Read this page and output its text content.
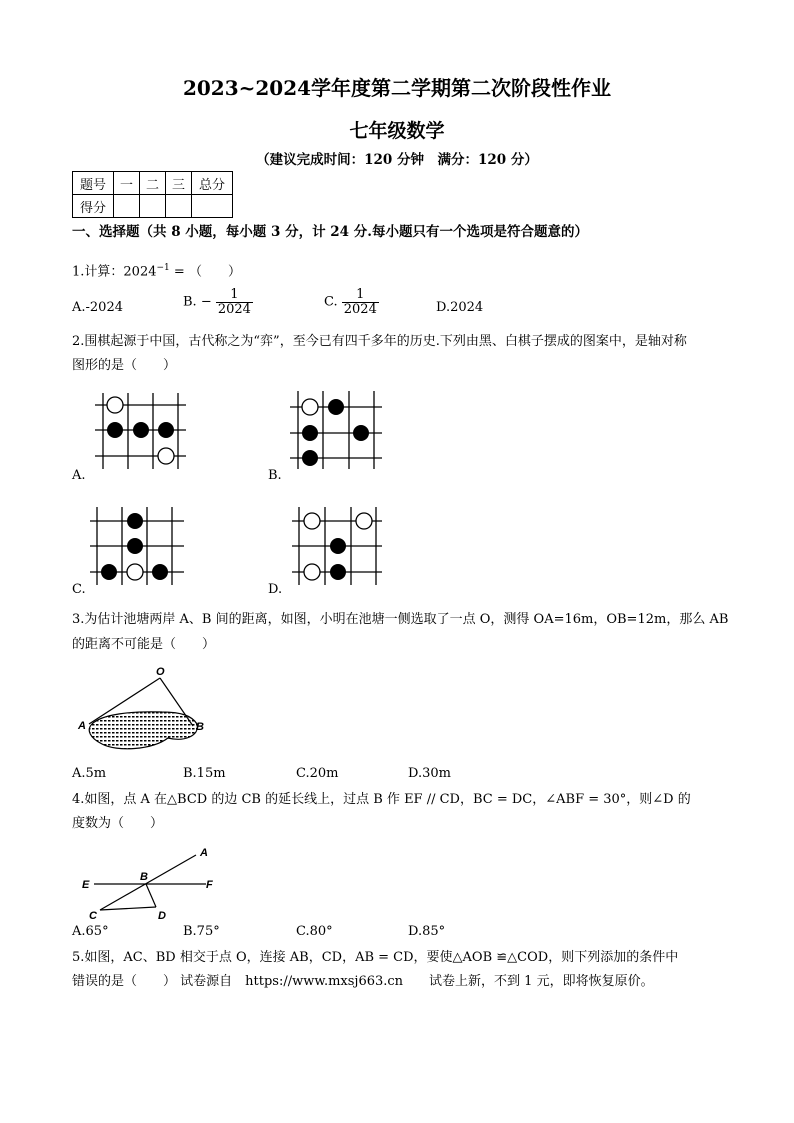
2023~2024学年度第二学期第二次阶段性作业
七年级数学
（建议完成时间：120 分钟　满分：120 分）
题号	一	二	三	总分
得分				
一、选择题（共 8 小题，每小题 3 分，计 24 分.每小题只有一个选项是符合题意的）
1.计算：$2024^{-1}$ = （　　）
A.-2024	B. − $\frac{1}{2024}$	C. $\frac{1}{2024}$	D.2024
2.围棋起源于中国，古代称之为“弈”，至今已有四千多年的历史.下列由黑、白棋子摆成的图案中，是轴对称
图形的是（　　）
A.	B.
C.	D.
3.为估计池塘两岸 A、B 间的距离，如图，小明在池塘一侧选取了一点 O，测得 OA=16m，OB=12m，那么 AB
的距离不可能是（　　）
O
A	B
A.5m	B.15m	C.20m	D.30m
4.如图，点 A 在△BCD 的边 CB 的延长线上，过点 B 作 EF // CD，BC = DC，∠ABF = 30°，则∠D 的
度数为（　　）
A
B
E	F
C	D
A.65°	B.75°	C.80°	D.85°
5.如图，AC、BD 相交于点 O，连接 AB，CD，AB = CD，要使△AOB ≌△COD，则下列添加的条件中
错误的是（　　） 试卷源自　https://www.mxsj663.cn　　试卷上新，不到 1 元，即将恢复原价。
